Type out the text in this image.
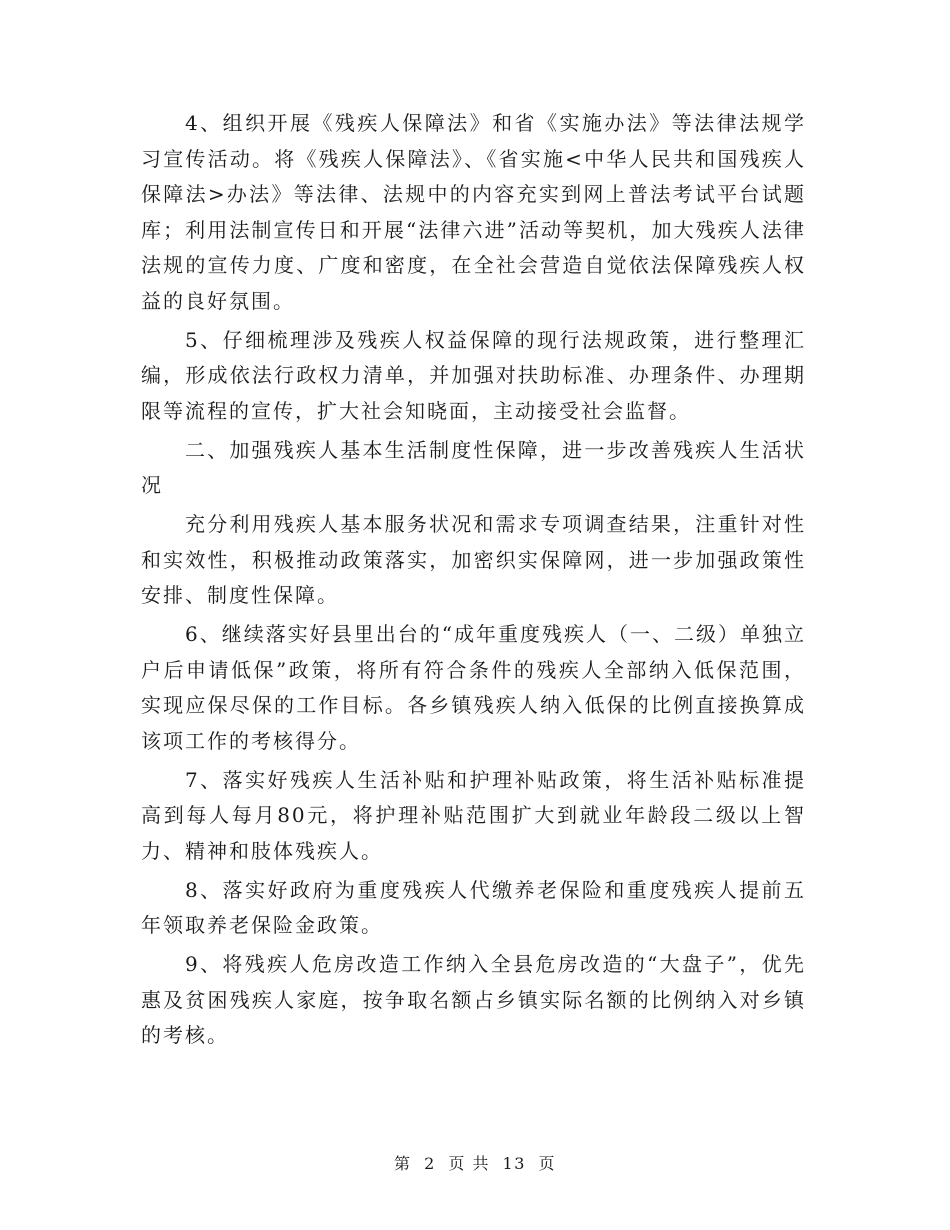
4、组织开展《残疾人保障法》和省《实施办法》等法律法规学习宣传活动。将《残疾人保障法》、《省实施<中华人民共和国残疾人保障法>办法》等法律、法规中的内容充实到网上普法考试平台试题库；利用法制宣传日和开展“法律六进”活动等契机，加大残疾人法律法规的宣传力度、广度和密度，在全社会营造自觉依法保障残疾人权益的良好氛围。

5、仔细梳理涉及残疾人权益保障的现行法规政策，进行整理汇编，形成依法行政权力清单，并加强对扶助标准、办理条件、办理期限等流程的宣传，扩大社会知晓面，主动接受社会监督。

二、加强残疾人基本生活制度性保障，进一步改善残疾人生活状况

充分利用残疾人基本服务状况和需求专项调查结果，注重针对性和实效性，积极推动政策落实，加密织实保障网，进一步加强政策性安排、制度性保障。

6、继续落实好县里出台的“成年重度残疾人（一、二级）单独立户后申请低保”政策，将所有符合条件的残疾人全部纳入低保范围，实现应保尽保的工作目标。各乡镇残疾人纳入低保的比例直接换算成该项工作的考核得分。

7、落实好残疾人生活补贴和护理补贴政策，将生活补贴标准提高到每人每月80元，将护理补贴范围扩大到就业年龄段二级以上智力、精神和肢体残疾人。

8、落实好政府为重度残疾人代缴养老保险和重度残疾人提前五年领取养老保险金政策。

9、将残疾人危房改造工作纳入全县危房改造的“大盘子”，优先惠及贫困残疾人家庭，按争取名额占乡镇实际名额的比例纳入对乡镇的考核。

第 2 页 共 13 页
